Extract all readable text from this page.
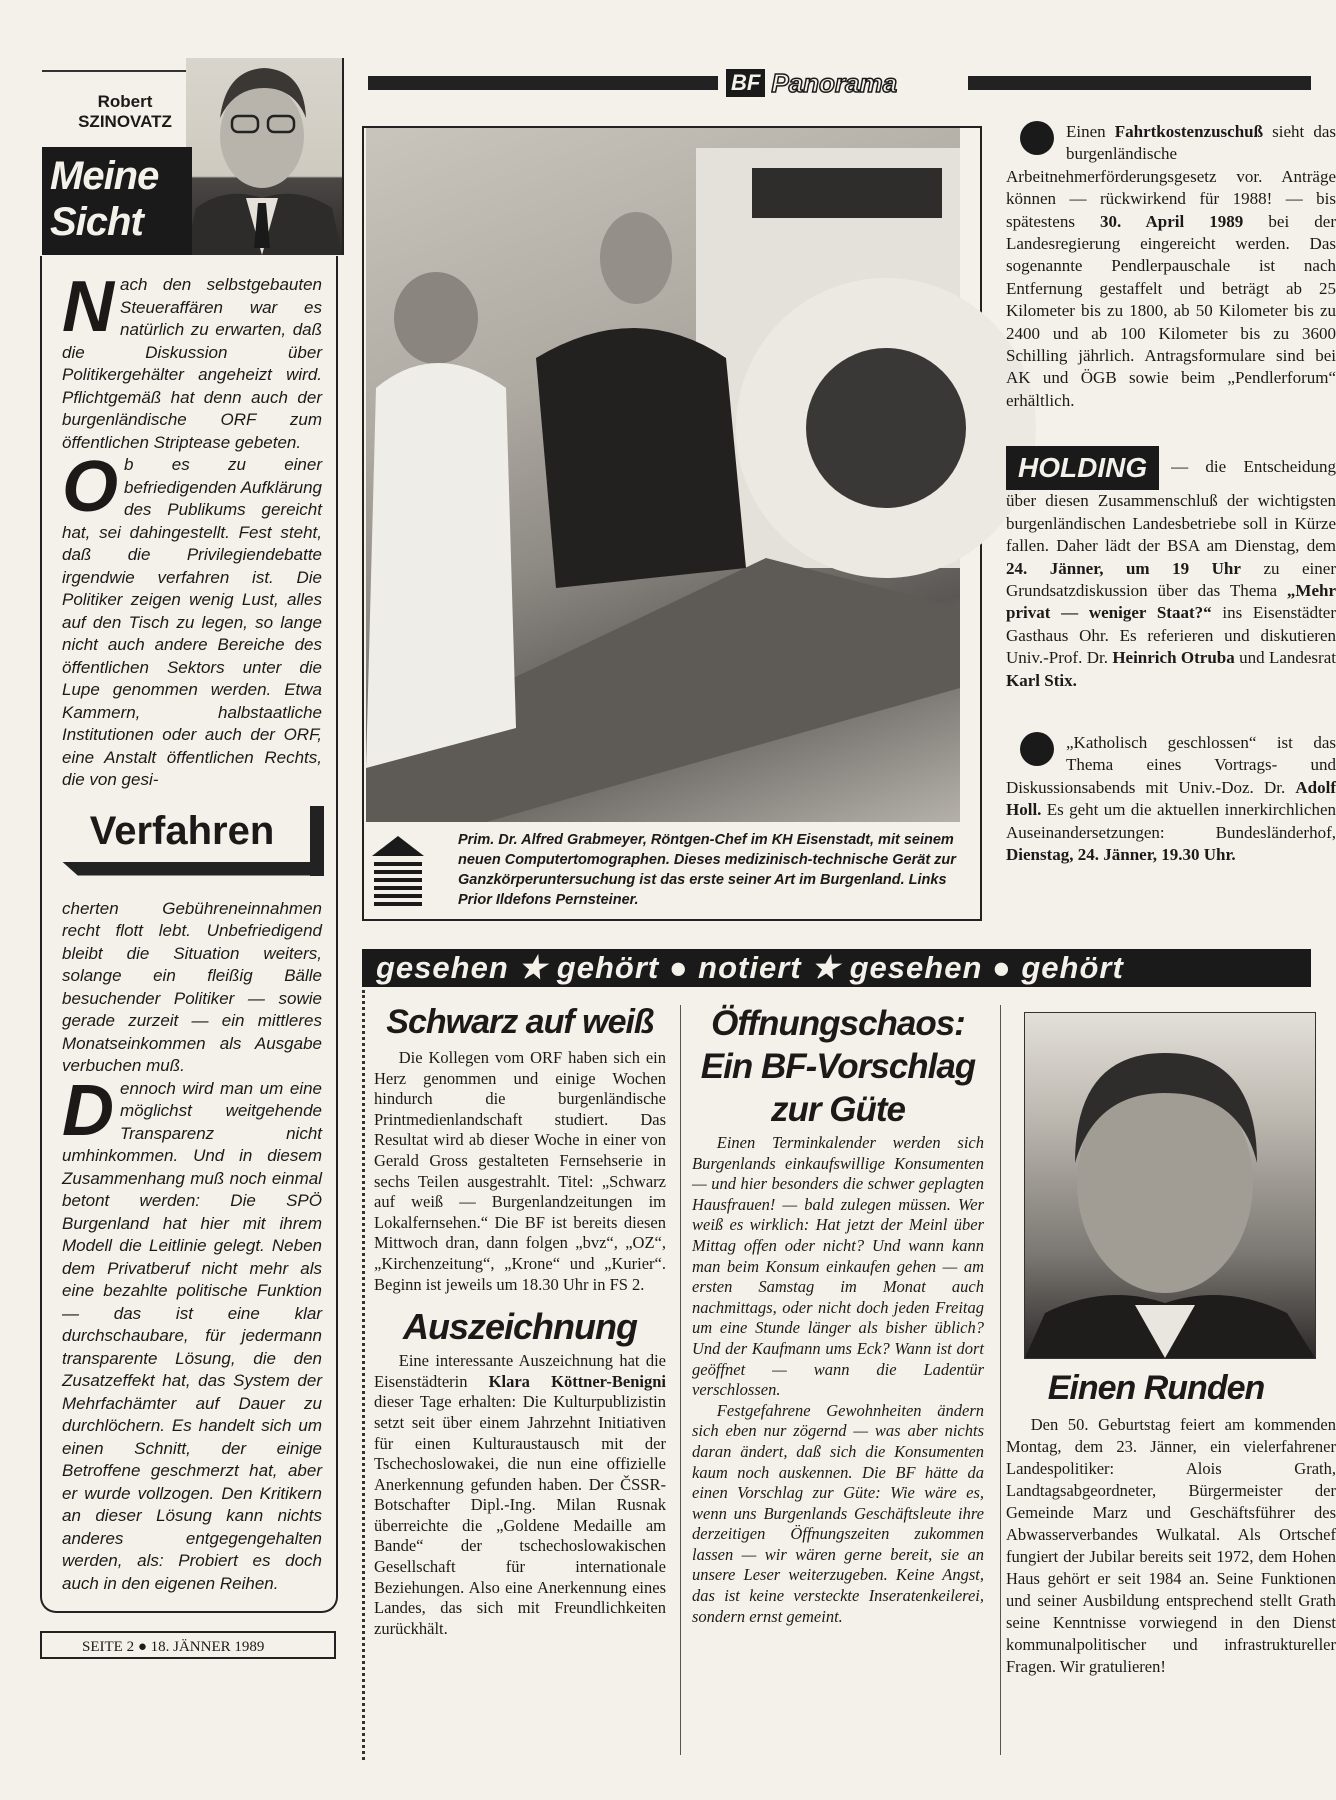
Robert
SZINOVATZ
Meine
Sicht

Nach den selbstgebauten Steueraffären war es natürlich zu erwarten, daß die Diskussion über Politikergehälter angeheizt wird. Pflichtgemäß hat denn auch der burgenländische ORF zum öffentlichen Striptease gebeten.

Ob es zu einer befriedigenden Aufklärung des Publikums gereicht hat, sei dahingestellt. Fest steht, daß die Privilegiendebatte irgendwie verfahren ist. Die Politiker zeigen wenig Lust, alles auf den Tisch zu legen, so lange nicht auch andere Bereiche des öffentlichen Sektors unter die Lupe genommen werden. Etwa Kammern, halbstaatliche Institutionen oder auch der ORF, eine Anstalt öffentlichen Rechts, die von gesi-

Verfahren

cherten Gebühreneinnahmen recht flott lebt. Unbefriedigend bleibt die Situation weiters, solange ein fleißig Bälle besuchender Politiker — sowie gerade zurzeit — ein mittleres Monatseinkommen als Ausgabe verbuchen muß.

Dennoch wird man um eine möglichst weitgehende Transparenz nicht umhinkommen. Und in diesem Zusammenhang muß noch einmal betont werden: Die SPÖ Burgenland hat hier mit ihrem Modell die Leitlinie gelegt. Neben dem Privatberuf nicht mehr als eine bezahlte politische Funktion — das ist eine klar durchschaubare, für jedermann transparente Lösung, die den Zusatzeffekt hat, das System der Mehrfachämter auf Dauer zu durchlöchern. Es handelt sich um einen Schnitt, der einige Betroffene geschmerzt hat, aber er wurde vollzogen. Den Kritikern an dieser Lösung kann nichts anderes entgegengehalten werden, als: Probiert es doch auch in den eigenen Reihen.

SEITE 2 ● 18. JÄNNER 1989
BF Panorama
Prim. Dr. Alfred Grabmeyer, Röntgen-Chef im KH Eisenstadt, mit seinem neuen Computertomographen. Dieses medizinisch-technische Gerät zur Ganzkörperuntersuchung ist das erste seiner Art im Burgenland. Links Prior Ildefons Pernsteiner.

Einen Fahrtkostenzuschuß sieht das burgenländische Arbeitnehmerförderungsgesetz vor. Anträge können — rückwirkend für 1988! — bis spätestens 30. April 1989 bei der Landesregierung eingereicht werden. Das sogenannte Pendlerpauschale ist nach Entfernung gestaffelt und beträgt ab 25 Kilometer bis zu 1800, ab 50 Kilometer bis zu 2400 und ab 100 Kilometer bis zu 3600 Schilling jährlich. Antragsformulare sind bei AK und ÖGB sowie beim „Pendlerforum“ erhältlich.

HOLDING — die Entscheidung über diesen Zusammenschluß der wichtigsten burgenländischen Landesbetriebe soll in Kürze fallen. Daher lädt der BSA am Dienstag, dem 24. Jänner, um 19 Uhr zu einer Grundsatzdiskussion über das Thema „Mehr privat — weniger Staat?“ ins Eisenstädter Gasthaus Ohr. Es referieren und diskutieren Univ.-Prof. Dr. Heinrich Otruba und Landesrat Karl Stix.

„Katholisch geschlossen“ ist das Thema eines Vortrags- und Diskussionsabends mit Univ.-Doz. Dr. Adolf Holl. Es geht um die aktuellen innerkirchlichen Auseinandersetzungen: Bundesländerhof, Dienstag, 24. Jänner, 19.30 Uhr.

gesehen ★ gehört ● notiert ★ gesehen ● gehört
Schwarz auf weiß

Die Kollegen vom ORF haben sich ein Herz genommen und einige Wochen hindurch die burgenländische Printmedienlandschaft studiert. Das Resultat wird ab dieser Woche in einer von Gerald Gross gestalteten Fernsehserie in sechs Teilen ausgestrahlt. Titel: „Schwarz auf weiß — Burgenlandzeitungen im Lokalfernsehen.“ Die BF ist bereits diesen Mittwoch dran, dann folgen „bvz“, „OZ“, „Kirchenzeitung“, „Krone“ und „Kurier“. Beginn ist jeweils um 18.30 Uhr in FS 2.

Auszeichnung

Eine interessante Auszeichnung hat die Eisenstädterin Klara Köttner-Benigni dieser Tage erhalten: Die Kulturpublizistin setzt seit über einem Jahrzehnt Initiativen für einen Kulturaustausch mit der Tschechoslowakei, die nun eine offizielle Anerkennung gefunden haben. Der ČSSR-Botschafter Dipl.-Ing. Milan Rusnak überreichte die „Goldene Medaille am Bande“ der tschechoslowakischen Gesellschaft für internationale Beziehungen. Also eine Anerkennung eines Landes, das sich mit Freundlichkeiten zurückhält.

Öffnungschaos: Ein BF-Vorschlag zur Güte

Einen Terminkalender werden sich Burgenlands einkaufswillige Konsumenten — und hier besonders die schwer geplagten Hausfrauen! — bald zulegen müssen. Wer weiß es wirklich: Hat jetzt der Meinl über Mittag offen oder nicht? Und wann kann man beim Konsum einkaufen gehen — am ersten Samstag im Monat auch nachmittags, oder nicht doch jeden Freitag um eine Stunde länger als bisher üblich? Und der Kaufmann ums Eck? Wann ist dort geöffnet — wann die Ladentür verschlossen.

Festgefahrene Gewohnheiten ändern sich eben nur zögernd — was aber nichts daran ändert, daß sich die Konsumenten kaum noch auskennen. Die BF hätte da einen Vorschlag zur Güte: Wie wäre es, wenn uns Burgenlands Geschäftsleute ihre derzeitigen Öffnungszeiten zukommen lassen — wir wären gerne bereit, sie an unsere Leser weiterzugeben. Keine Angst, das ist keine versteckte Inseratenkeilerei, sondern ernst gemeint.

Einen Runden

Den 50. Geburtstag feiert am kommenden Montag, dem 23. Jänner, ein vielerfahrener Landespolitiker: Alois Grath, Landtagsabgeordneter, Bürgermeister der Gemeinde Marz und Geschäftsführer des Abwasserverbandes Wulkatal. Als Ortschef fungiert der Jubilar bereits seit 1972, dem Hohen Haus gehört er seit 1984 an. Seine Funktionen und seiner Ausbildung entsprechend stellt Grath seine Kenntnisse vorwiegend in den Dienst kommunalpolitischer und infrastruktureller Fragen. Wir gratulieren!
